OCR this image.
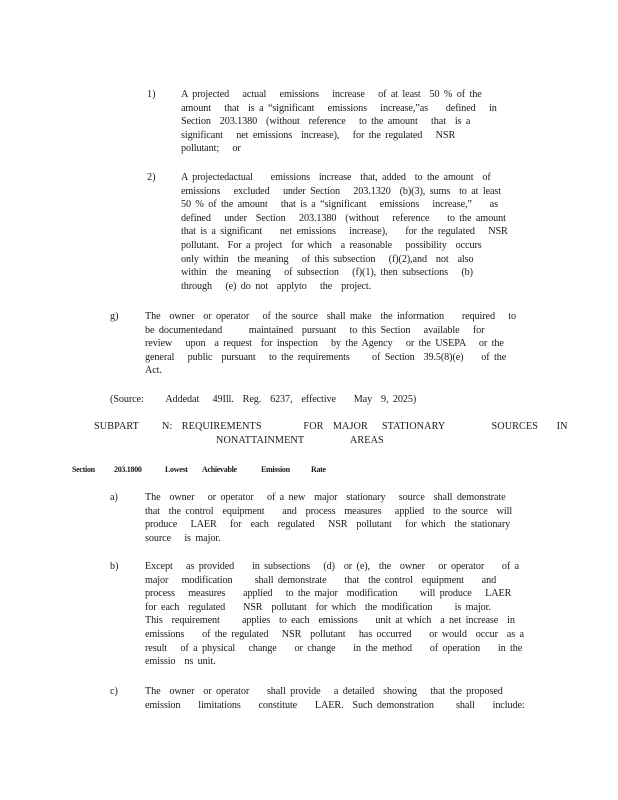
1)	A projected   actual   emissions   increase   of at least  50 % of the
amount   that  is a “significant   emissions   increase,”as    defined   in
Section  203.1380  (without  reference   to the amount   that  is a
significant   net emissions  increase),   for the regulated   NSR
pollutant;   or
2)	A projectedactual    emissions  increase  that, added  to the amount  of
emissions   excluded   under Section   203.1320  (b)(3), sums  to at least
50 % of the amount   that is a “significant   emissions   increase,”    as
defined   under  Section   203.1380  (without   reference    to the amount
that is a significant    net emissions   increase),    for the regulated   NSR
pollutant.  For a project  for which  a reasonable   possibility  occurs
only within  the meaning   of this subsection   (f)(2),and  not  also
within  the  meaning   of subsection   (f)(1), then subsections   (b)
through   (e) do not  applyto   the  project.
g)	The  owner  or operator   of the source  shall make  the information    required   to
be documentedand      maintained  pursuant   to this Section   available   for
review   upon  a request  for inspection   by the Agency   or the USEPA   or the
general   public  pursuant   to the requirements     of Section  39.5(8)(e)    of the
Act.
(Source:     Addedat   49Ill.  Reg.  6237,  effective    May  9, 2025)
SUBPART     N:  REQUIREMENTS         FOR  MAJOR   STATIONARY          SOURCES    IN
NONATTAINMENT          AREAS
Section 203.1800	Lowest Achievable	Emission	Rate
a)	The  owner   or operator   of a new  major  stationary   source  shall demonstrate
that  the control  equipment    and  process  measures   applied  to the source  will
produce   LAER   for  each  regulated   NSR  pollutant   for which  the stationary
source   is major.
b)	Except   as provided    in subsections   (d)  or (e),  the  owner   or operator    of a
major   modification     shall demonstrate    that  the control  equipment    and
process   measures    applied   to the major  modification     will produce   LAER
for each  regulated    NSR  pollutant  for which  the modification     is major.
This  requirement     applies  to each  emissions    unit at which  a net increase  in
emissions    of the regulated   NSR  pollutant   has occurred    or would  occur  as a
result   of a physical   change    or change    in the method    of operation    in the
emissio  ns unit.
c)	The  owner  or operator    shall provide   a detailed  showing   that the proposed
emission    limitations    constitute    LAER.  Such demonstration     shall    include:
